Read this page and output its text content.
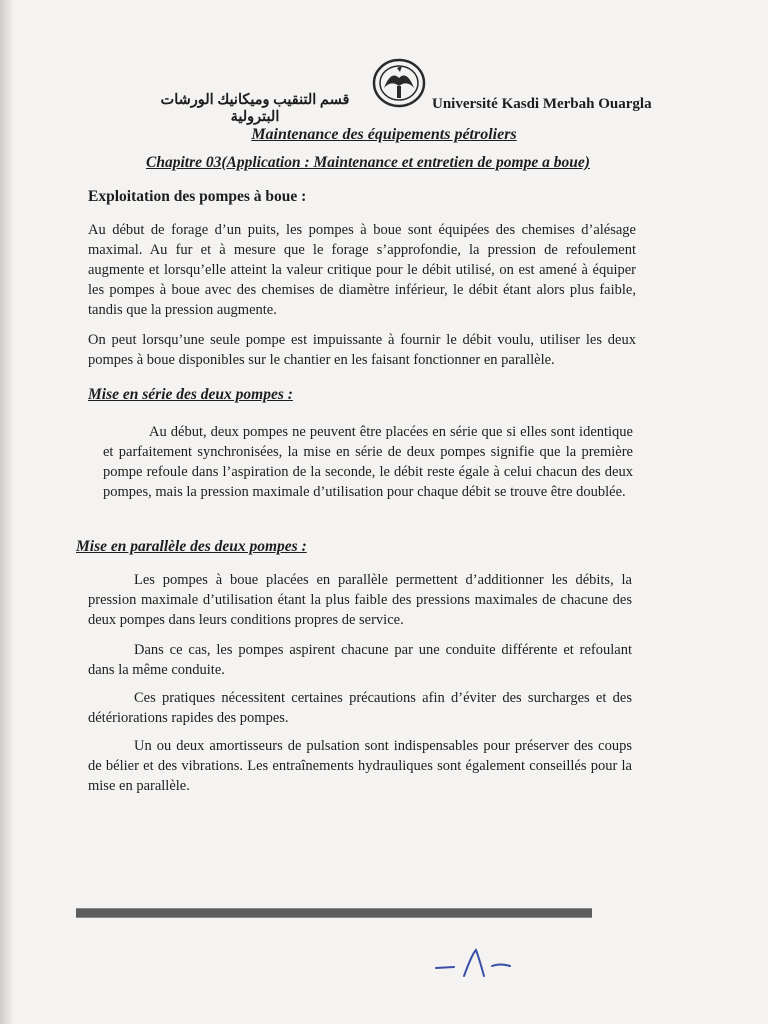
قسم التنقيب وميكانيك الورشات البترولية
Université Kasdi Merbah Ouargla
Maintenance des équipements pétroliers
Chapitre 03(Application : Maintenance et entretien de pompe a boue)
Exploitation des pompes à boue :
Au début de forage d’un puits, les pompes à boue sont équipées des chemises d’alésage maximal. Au fur et à mesure que le forage s’approfondie, la pression de refoulement augmente et lorsqu’elle atteint la valeur critique pour le débit utilisé, on est amené à équiper les pompes à boue avec des chemises de diamètre inférieur, le débit étant alors plus faible, tandis que la pression augmente.
On peut lorsqu’une seule pompe est impuissante à fournir le débit voulu, utiliser les deux pompes à boue disponibles sur le chantier en les faisant fonctionner en parallèle.
Mise en série des deux pompes :
Au début, deux pompes ne peuvent être placées en série que si elles sont identique et parfaitement synchronisées, la mise en série de deux pompes signifie que la première pompe refoule dans l’aspiration de la seconde, le débit reste égale à celui chacun des deux pompes, mais la pression maximale d’utilisation pour chaque débit se trouve être doublée.
Mise en parallèle des deux pompes :
Les pompes à boue placées en parallèle permettent d’additionner les débits, la pression maximale d’utilisation étant la plus faible des pressions maximales de chacune des deux pompes dans leurs conditions propres de service.
Dans ce cas, les pompes aspirent chacune par une conduite différente et refoulant dans la même conduite.
Ces pratiques nécessitent certaines précautions afin d’éviter des surcharges et des détériorations rapides des pompes.
Un ou deux amortisseurs de pulsation sont indispensables pour préserver des coups de bélier et des vibrations. Les entraînements hydrauliques sont également conseillés pour la mise en parallèle.
